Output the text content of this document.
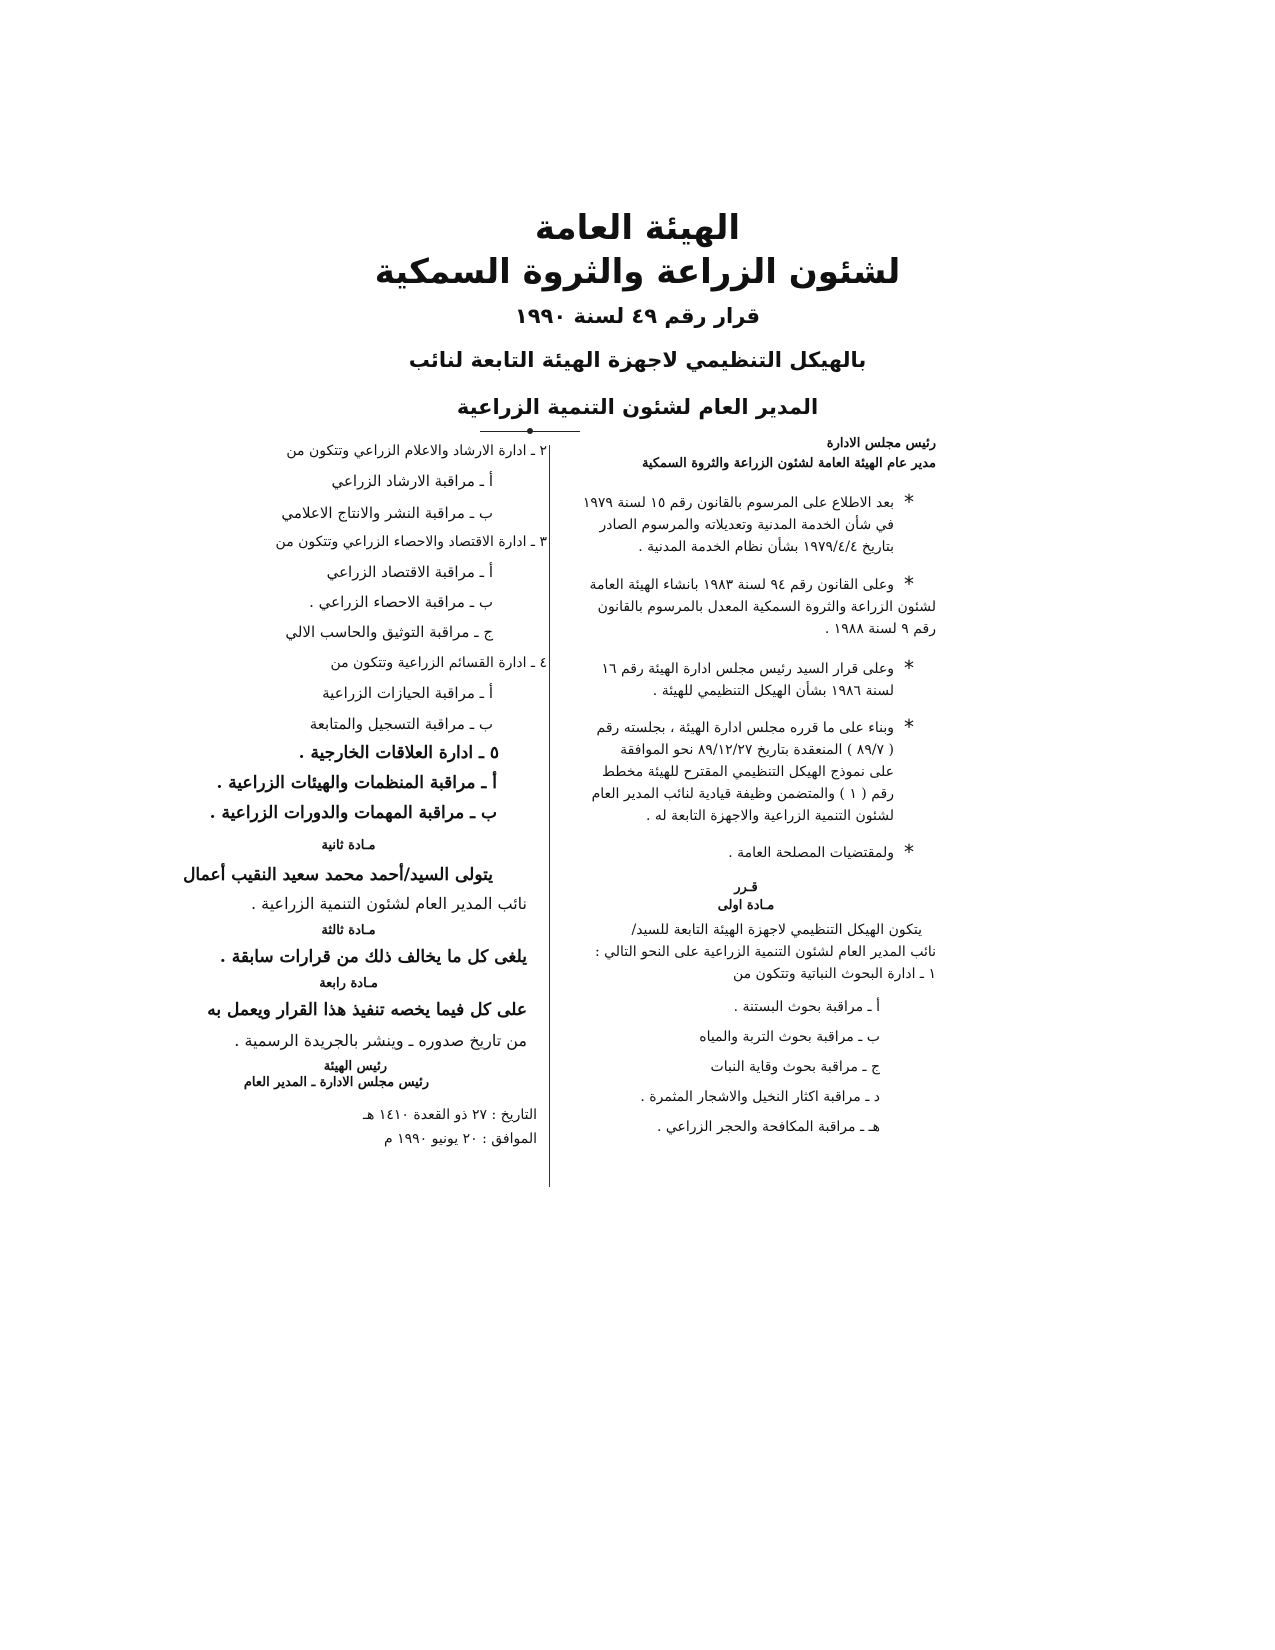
الهيئة العامة
لشئون الزراعة والثروة السمكية
قرار رقم ٤٩ لسنة ١٩٩٠
بالهيكل التنظيمي لاجهزة الهيئة التابعة لنائب
المدير العام لشئون التنمية الزراعية
رئيس مجلس الادارة
مدير عام الهيئة العامة لشئون الزراعة والثروة السمكية
بعد الاطلاع على المرسوم بالقانون رقم ١٥ لسنة ١٩٧٩
في شأن الخدمة المدنية وتعديلاته والمرسوم الصادر
بتاريخ ١٩٧٩/٤/٤ بشأن نظام الخدمة المدنية .
وعلى القانون رقم ٩٤ لسنة ١٩٨٣ بانشاء الهيئة العامة
لشئون الزراعة والثروة السمكية المعدل بالمرسوم بالقانون
رقم ٩ لسنة ١٩٨٨ .
وعلى قرار السيد رئيس مجلس ادارة الهيئة رقم ١٦
لسنة ١٩٨٦ بشأن الهيكل التنظيمي للهيئة .
وبناء على ما قرره مجلس ادارة الهيئة ، بجلسته رقم
( ٨٩/٧ ) المنعقدة بتاريخ ٨٩/١٢/٢٧ نحو الموافقة
على نموذج الهيكل التنظيمي المقترح للهيئة مخطط
رقم ( ١ ) والمتضمن وظيفة قيادية لنائب المدير العام
لشئون التنمية الزراعية والاجهزة التابعة له .
ولمقتضيات المصلحة العامة .
قـرر
مـادة اولى
يتكون الهيكل التنظيمي لاجهزة الهيئة التابعة للسيد/
نائب المدير العام لشئون التنمية الزراعية على النحو التالي :
١ ـ ادارة البحوث النباتية وتتكون من
أ ـ مراقبة بحوث البستنة .
ب ـ مراقبة بحوث التربة والمياه
ج ـ مراقبة بحوث وقاية النبات
د ـ مراقبة اكثار النخيل والاشجار المثمرة .
هـ ـ مراقبة المكافحة والحجر الزراعي .
*
*
*
*
*
٢ ـ ادارة الارشاد والاعلام الزراعي وتتكون من
أ ـ مراقبة الارشاد الزراعي
ب ـ مراقبة النشر والانتاج الاعلامي
٣ ـ ادارة الاقتصاد والاحصاء الزراعي وتتكون من
أ ـ مراقبة الاقتصاد الزراعي
ب ـ مراقبة الاحصاء الزراعي .
ج ـ مراقبة التوثيق والحاسب الالي
٤ ـ ادارة القسائم الزراعية وتتكون من
أ ـ مراقبة الحيازات الزراعية
ب ـ مراقبة التسجيل والمتابعة
٥ ـ ادارة العلاقات الخارجية .
أ ـ مراقبة المنظمات والهيئات الزراعية .
ب ـ مراقبة المهمات والدورات الزراعية .
مـادة ثانية
يتولى السيد/أحمد محمد سعيد النقيب أعمال
نائب المدير العام لشئون التنمية الزراعية .
مـادة ثالثة
يلغى كل ما يخالف ذلك من قرارات سابقة .
مـادة رابعة
على كل فيما يخصه تنفيذ هذا القرار ويعمل به
من تاريخ صدوره ـ وينشر بالجريدة الرسمية .
رئيس الهيئة
رئيس مجلس الادارة ـ المدير العام
التاريخ : ٢٧ ذو القعدة ١٤١٠ هـ
الموافق : ٢٠ يونيو ١٩٩٠ م
